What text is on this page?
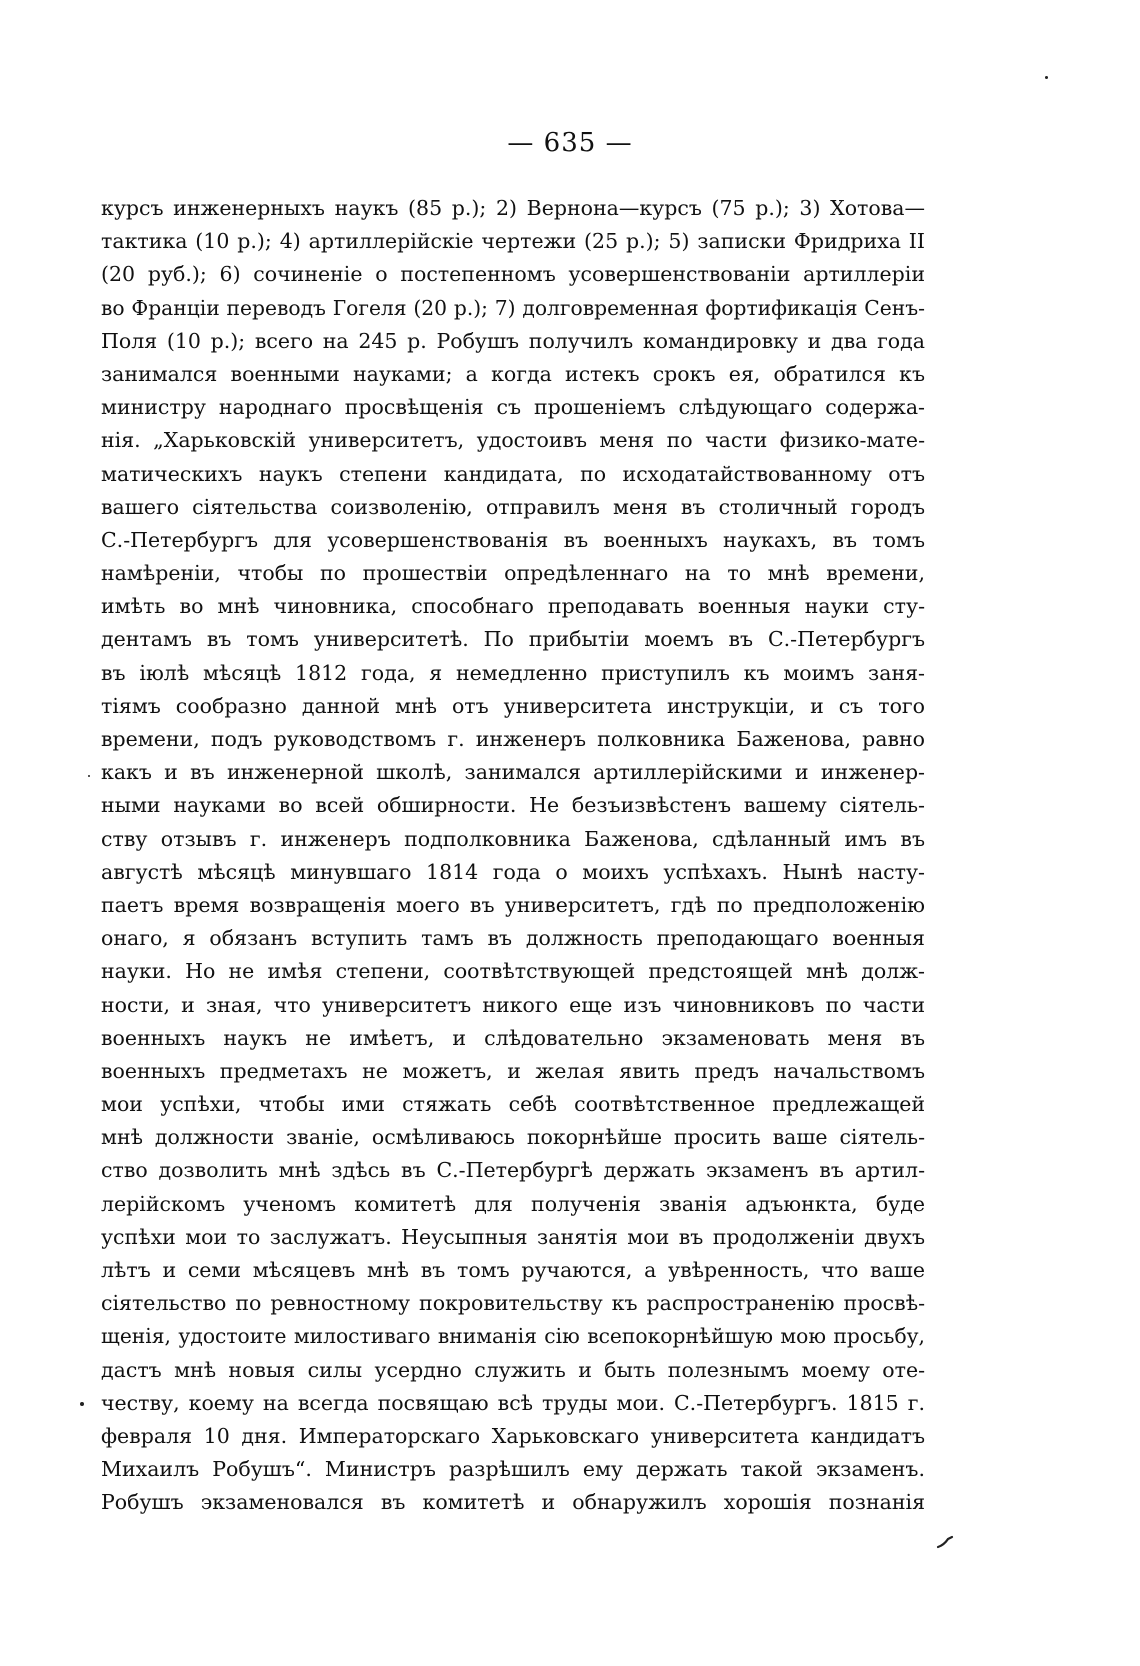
— 635 —
курсъ инженерныхъ наукъ (85 р.); 2) Вернона—курсъ (75 р.); 3) Хотова—
тактика (10 р.); 4) артиллерійскіе чертежи (25 р.); 5) записки Фридриха II
(20 руб.); 6) сочиненіе о постепенномъ усовершенствованіи артиллеріи
во Франціи переводъ Гогеля (20 р.); 7) долговременная фортификація Сенъ-
Поля (10 р.); всего на 245 р. Робушъ получилъ командировку и два года
занимался военными науками; а когда истекъ срокъ ея, обратился къ
министру народнаго просвѣщенія съ прошеніемъ слѣдующаго содержа-
нія. „Харьковскій университетъ, удостоивъ меня по части физико-мате-
матическихъ наукъ степени кандидата, по исходатайствованному отъ
вашего сіятельства соизволенію, отправилъ меня въ столичный городъ
С.-Петербургъ для усовершенствованія въ военныхъ наукахъ, въ томъ
намѣреніи, чтобы по прошествіи опредѣленнаго на то мнѣ времени,
имѣть во мнѣ чиновника, способнаго преподавать военныя науки сту-
дентамъ въ томъ университетѣ. По прибытіи моемъ въ С.-Петербургъ
въ іюлѣ мѣсяцѣ 1812 года, я немедленно приступилъ къ моимъ заня-
тіямъ сообразно данной мнѣ отъ университета инструкціи, и съ того
времени, подъ руководствомъ г. инженеръ полковника Баженова, равно
какъ и въ инженерной школѣ, занимался артиллерійскими и инженер-
ными науками во всей обширности. Не безъизвѣстенъ вашему сіятель-
ству отзывъ г. инженеръ подполковника Баженова, сдѣланный имъ въ
августѣ мѣсяцѣ минувшаго 1814 года о моихъ успѣхахъ. Нынѣ насту-
паетъ время возвращенія моего въ университетъ, гдѣ по предположенію
онаго, я обязанъ вступить тамъ въ должность преподающаго военныя
науки. Но не имѣя степени, соотвѣтствующей предстоящей мнѣ долж-
ности, и зная, что университетъ никого еще изъ чиновниковъ по части
военныхъ наукъ не имѣетъ, и слѣдовательно экзаменовать меня въ
военныхъ предметахъ не можетъ, и желая явить предъ начальствомъ
мои успѣхи, чтобы ими стяжать себѣ соотвѣтственное предлежащей
мнѣ должности званіе, осмѣливаюсь покорнѣйше просить ваше сіятель-
ство дозволить мнѣ здѣсь въ С.-Петербургѣ держать экзаменъ въ артил-
лерійскомъ ученомъ комитетѣ для полученія званія адъюнкта, буде
успѣхи мои то заслужатъ. Неусыпныя занятія мои въ продолженіи двухъ
лѣтъ и семи мѣсяцевъ мнѣ въ томъ ручаются, а увѣренность, что ваше
сіятельство по ревностному покровительству къ распространенію просвѣ-
щенія, удостоите милостиваго вниманія сію всепокорнѣйшую мою просьбу,
дастъ мнѣ новыя силы усердно служить и быть полезнымъ моему оте-
честву, коему на всегда посвящаю всѣ труды мои. С.-Петербургъ. 1815 г.
февраля 10 дня. Императорскаго Харьковскаго университета кандидатъ
Михаилъ Робушъ“. Министръ разрѣшилъ ему держать такой экзаменъ.
Робушъ экзаменовался въ комитетѣ и обнаружилъ хорошія познанія
